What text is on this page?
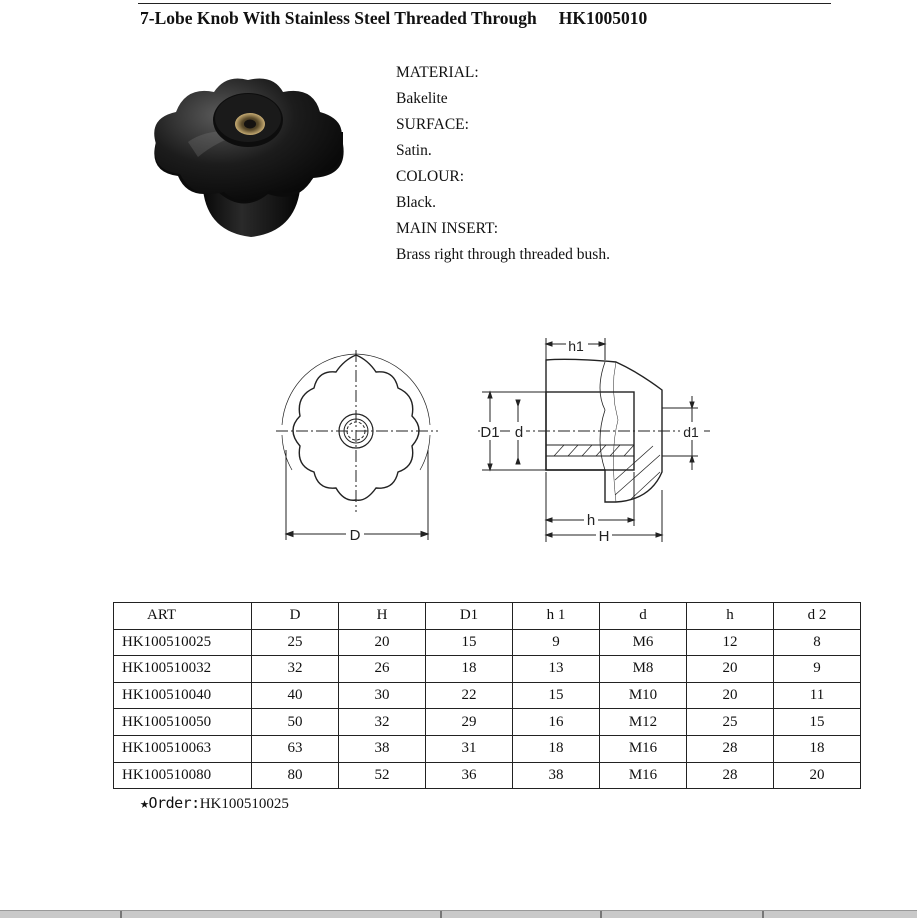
7-Lobe Knob With Stainless Steel Threaded Through HK1005010
MATERIAL:
Bakelite
SURFACE:
Satin.
COLOUR:
Black.
MAIN INSERT:
Brass right through threaded bush.
D
h1
D1 d	d1
h
H
ART	D	H	D1	h 1	d	h	d 2
HK100510025	25	20	15	9	M6	12	8
HK100510032	32	26	18	13	M8	20	9
HK100510040	40	30	22	15	M10	20	11
HK100510050	50	32	29	16	M12	25	15
HK100510063	63	38	31	18	M16	28	18
HK100510080	80	52	36	38	M16	28	20
★Order:HK100510025
